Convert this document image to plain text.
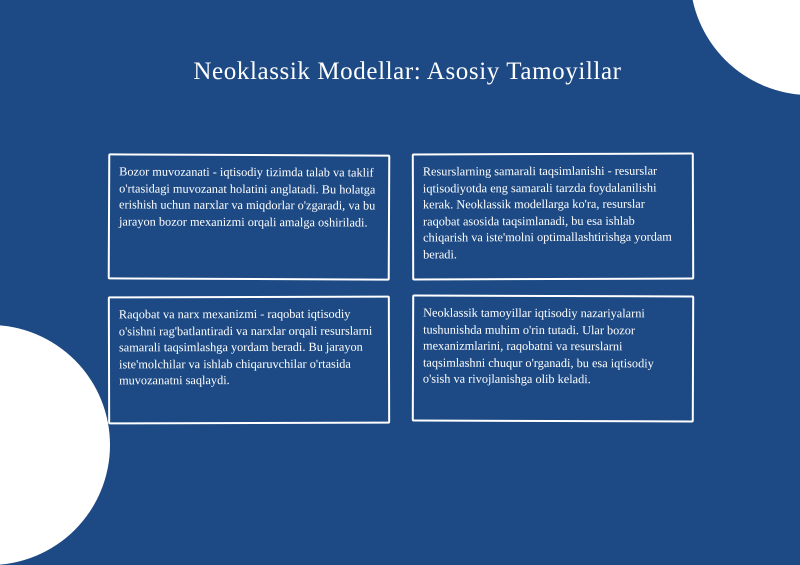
Neoklassik Modellar: Asosiy Tamoyillar

Bozor muvozanati - iqtisodiy tizimda talab va taklif o'rtasidagi muvozanat holatini anglatadi. Bu holatga erishish uchun narxlar va miqdorlar o'zgaradi, va bu jarayon bozor mexanizmi orqali amalga oshiriladi.

Resurslarning samarali taqsimlanishi - resurslar iqtisodiyotda eng samarali tarzda foydalanilishi kerak. Neoklassik modellarga ko'ra, resurslar raqobat asosida taqsimlanadi, bu esa ishlab chiqarish va iste'molni optimallashtirishga yordam beradi.

Raqobat va narx mexanizmi - raqobat iqtisodiy o'sishni rag'batlantiradi va narxlar orqali resurslarni samarali taqsimlashga yordam beradi. Bu jarayon iste'molchilar va ishlab chiqaruvchilar o'rtasida muvozanatni saqlaydi.

Neoklassik tamoyillar iqtisodiy nazariyalarni tushunishda muhim o'rin tutadi. Ular bozor mexanizmlarini, raqobatni va resurslarni taqsimlashni chuqur o'rganadi, bu esa iqtisodiy o'sish va rivojlanishga olib keladi.
